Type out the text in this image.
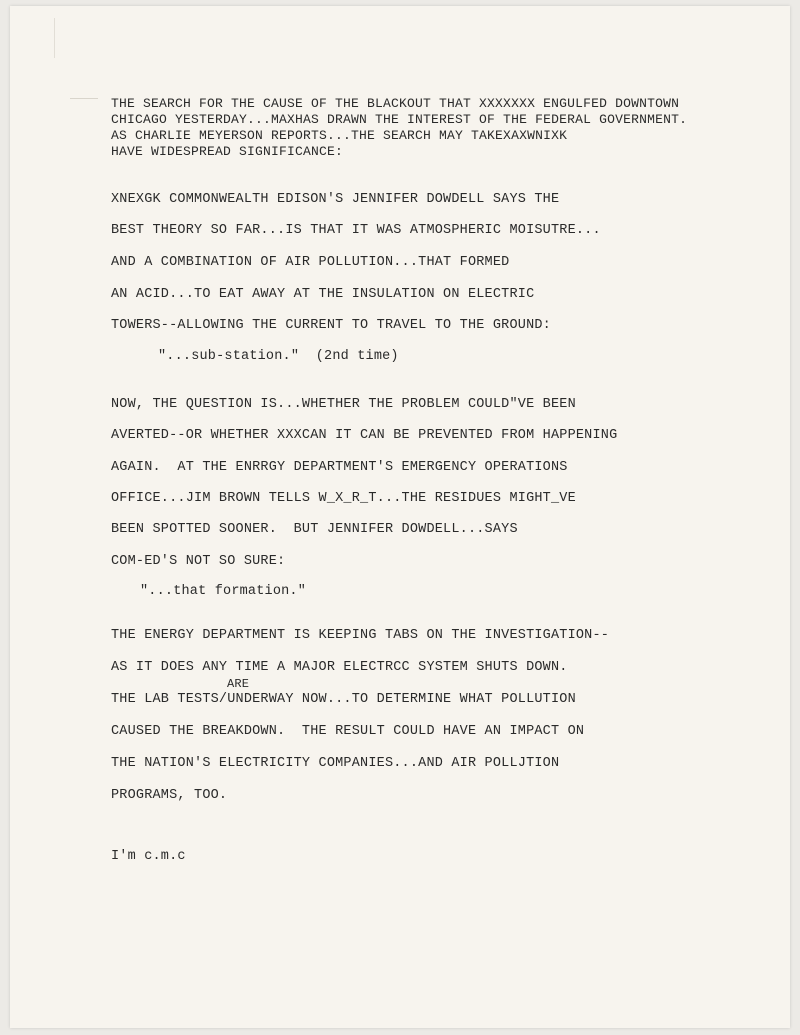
THE SEARCH FOR THE CAUSE OF THE BLACKOUT THAT XXXXXXX ENGULFED DOWNTOWN
CHICAGO YESTERDAY...MAXHAS DRAWN THE INTEREST OF THE FEDERAL GOVERNMENT.
AS CHARLIE MEYERSON REPORTS...THE SEARCH MAY TAKEXAXWNIXK
HAVE WIDESPREAD SIGNIFICANCE:
XNEXGK COMMONWEALTH EDISON'S JENNIFER DOWDELL SAYS THE
BEST THEORY SO FAR...IS THAT IT WAS ATMOSPHERIC MOISUTRE...
AND A COMBINATION OF AIR POLLUTION...THAT FORMED
AN ACID...TO EAT AWAY AT THE INSULATION ON ELECTRIC
TOWERS--ALLOWING THE CURRENT TO TRAVEL TO THE GROUND:
"...sub-station."  (2nd time)
NOW, THE QUESTION IS...WHETHER THE PROBLEM COULD"VE BEEN
AVERTED--OR WHETHER XXXCAN IT CAN BE PREVENTED FROM HAPPENING
AGAIN.  AT THE ENRRGY DEPARTMENT'S EMERGENCY OPERATIONS
OFFICE...JIM BROWN TELLS W_X_R_T...THE RESIDUES MIGHT_VE
BEEN SPOTTED SOONER.  BUT JENNIFER DOWDELL...SAYS
COM-ED'S NOT SO SURE:
"...that formation."
THE ENERGY DEPARTMENT IS KEEPING TABS ON THE INVESTIGATION--
AS IT DOES ANY TIME A MAJOR ELECTRCC SYSTEM SHUTS DOWN.
ARE
THE LAB TESTS/UNDERWAY NOW...TO DETERMINE WHAT POLLUTION
CAUSED THE BREAKDOWN.  THE RESULT COULD HAVE AN IMPACT ON
THE NATION'S ELECTRICITY COMPANIES...AND AIR POLLJTION
PROGRAMS, TOO.
I'm c.m.c
